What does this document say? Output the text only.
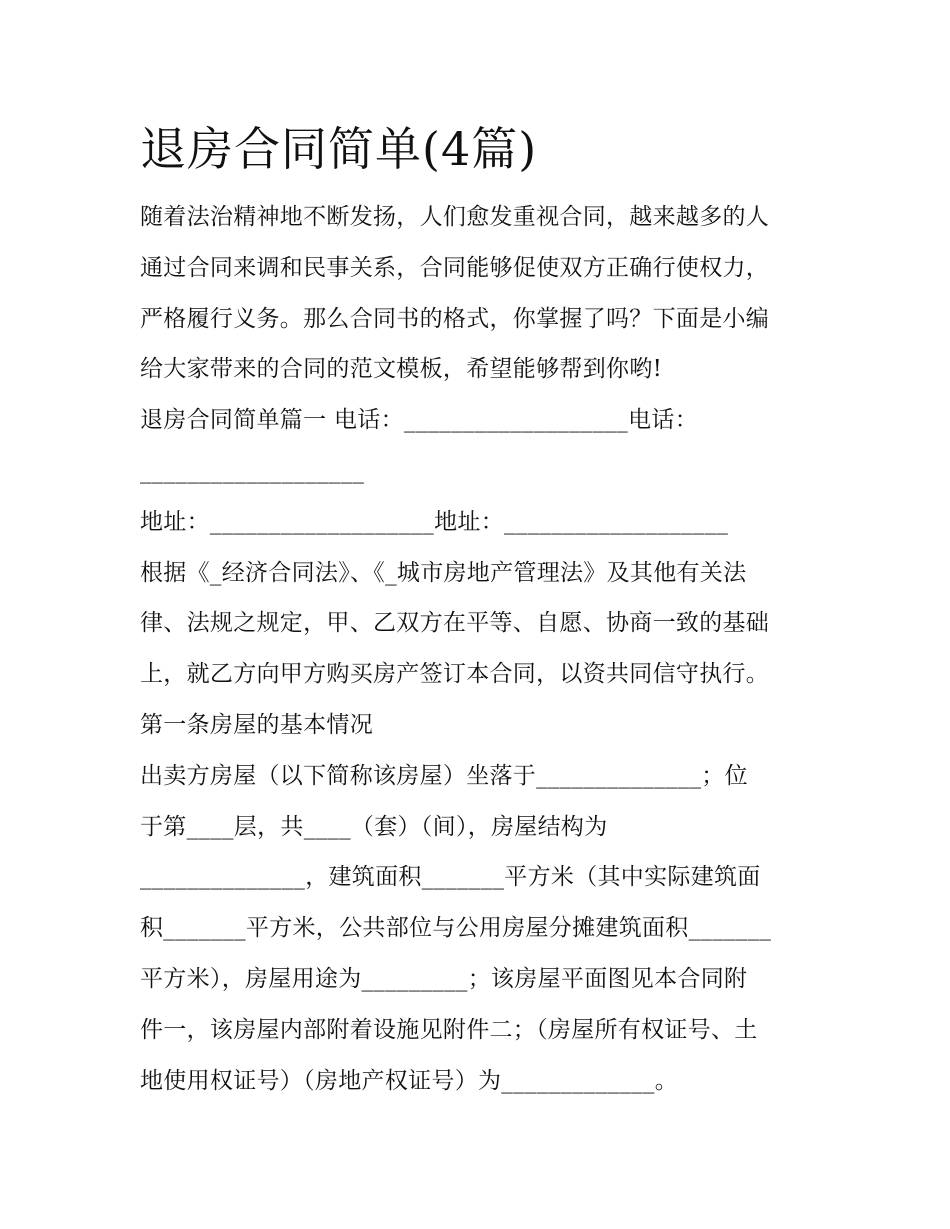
退房合同简单(4篇)
随着法治精神地不断发扬，人们愈发重视合同，越来越多的人
通过合同来调和民事关系，合同能够促使双方正确行使权力，
严格履行义务。那么合同书的格式，你掌握了吗？下面是小编
给大家带来的合同的范文模板，希望能够帮到你哟!
退房合同简单篇一 电话：___________________电话：
___________________
地址：___________________地址：___________________
根据《_经济合同法》、《_城市房地产管理法》及其他有关法
律、法规之规定，甲、乙双方在平等、自愿、协商一致的基础
上，就乙方向甲方购买房产签订本合同，以资共同信守执行。
第一条房屋的基本情况
出卖方房屋（以下简称该房屋）坐落于______________；位
于第____层，共____（套）（间），房屋结构为
______________，建筑面积_______平方米（其中实际建筑面
积_______平方米，公共部位与公用房屋分摊建筑面积_______
平方米），房屋用途为_________；该房屋平面图见本合同附
件一，该房屋内部附着设施见附件二；（房屋所有权证号、土
地使用权证号）（房地产权证号）为_____________。
